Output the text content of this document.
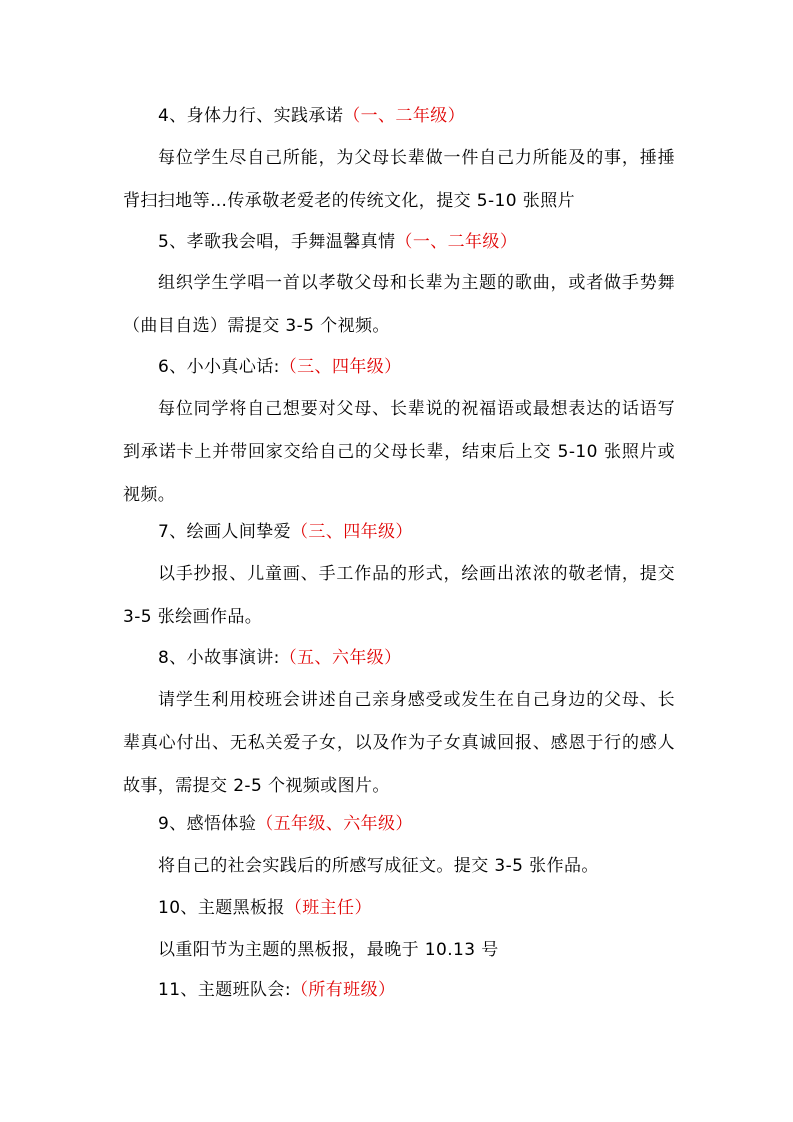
4、身体力行、实践承诺（一、二年级）
每位学生尽自己所能，为父母长辈做一件自己力所能及的事，捶捶背扫扫地等…传承敬老爱老的传统文化，提交 5-10 张照片
5、孝歌我会唱，手舞温馨真情（一、二年级）
组织学生学唱一首以孝敬父母和长辈为主题的歌曲，或者做手势舞（曲目自选）需提交 3-5 个视频。
6、小小真心话:（三、四年级）
每位同学将自己想要对父母、长辈说的祝福语或最想表达的话语写到承诺卡上并带回家交给自己的父母长辈，结束后上交 5-10 张照片或视频。
7、绘画人间挚爱（三、四年级）
以手抄报、儿童画、手工作品的形式，绘画出浓浓的敬老情，提交 3-5 张绘画作品。
8、小故事演讲:（五、六年级）
请学生利用校班会讲述自己亲身感受或发生在自己身边的父母、长辈真心付出、无私关爱子女，以及作为子女真诚回报、感恩于行的感人故事，需提交 2-5 个视频或图片。
9、感悟体验（五年级、六年级）
将自己的社会实践后的所感写成征文。提交 3-5 张作品。
10、主题黑板报（班主任）
以重阳节为主题的黑板报，最晚于 10.13 号
11、主题班队会:（所有班级）
